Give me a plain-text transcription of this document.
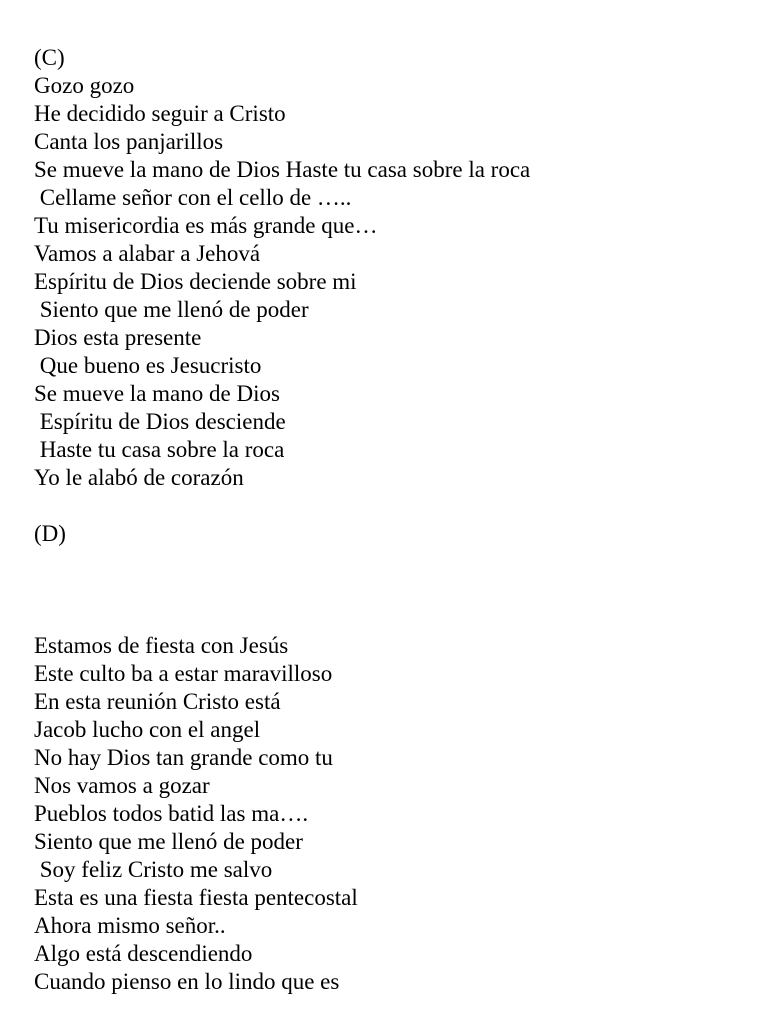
(C)
Gozo gozo
He decidido seguir a Cristo
Canta los panjarillos
Se mueve la mano de Dios Haste tu casa sobre la roca
Cellame señor con el cello de …..
Tu misericordia es más grande que…
Vamos a alabar a Jehová
Espíritu de Dios deciende sobre mi
Siento que me llenó de poder
Dios esta presente
Que bueno es Jesucristo
Se mueve la mano de Dios
Espíritu de Dios desciende
Haste tu casa sobre la roca
Yo le alabó de corazón
(D)
Estamos de fiesta con Jesús
Este culto ba a estar maravilloso
En esta reunión Cristo está
Jacob lucho con el angel
No hay Dios tan grande como tu
Nos vamos a gozar
Pueblos todos batid las ma….
Siento que me llenó de poder
Soy feliz Cristo me salvo
Esta es una fiesta fiesta pentecostal
Ahora mismo señor..
Algo está descendiendo
Cuando pienso en lo lindo que es
